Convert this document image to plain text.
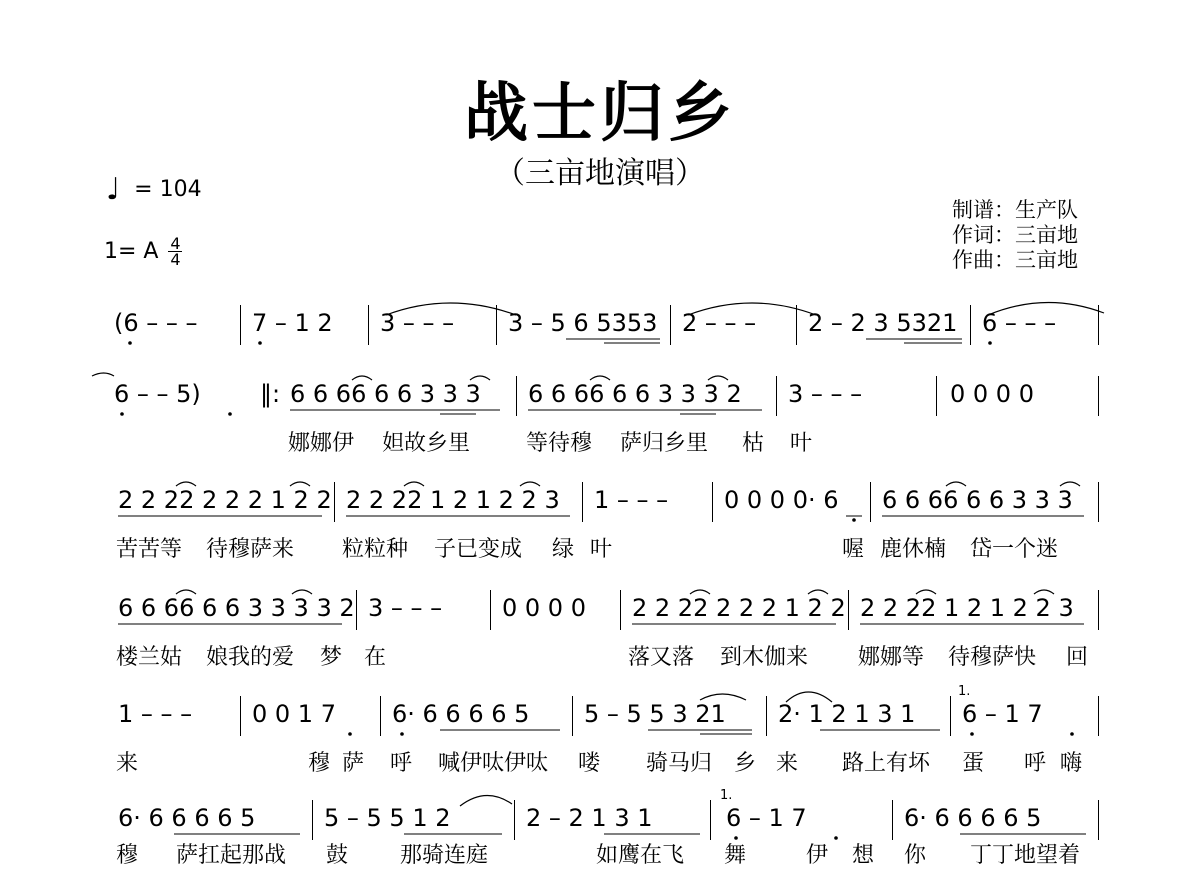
战士归乡
（三亩地演唱）
♩ = 104
1= A 4
4
制谱：生产队
作词：三亩地
作曲：三亩地
(6 – – – 7 – 1 2 3 – – – 3 – 5 6 5353 2 – – – 2 – 2 3 5321 6 – – –
6 – – 5) ‖: 6 6 66 6 6 3 3 3 6 6 66 6 6 3 3 3 2 3 – – –	0 0 0 0
娜娜伊 妲故乡里	等待穆 萨归乡里 枯 叶
2 2 22 2 2 2 1 2 2 2 2 22 1 2 1 2 2 3 1 – – – 0 0 0 0· 6 6 6 66 6 6 3 3 3
苦苦等 待穆萨来 粒粒种 子已变成 绿 叶	喔 鹿休楠 岱一个迷
6 6 66 6 6 3 3 3 3 2 3 – – – 0 0 0 0 2 2 22 2 2 2 1 2 2 2 2 22 1 2 1 2 2 3
楼兰姑 娘我的爱 梦 在	落又落 到木伽来 娜娜等 待穆萨快 回
1 – – – 0 0 1 7 6· 6 6 6 6 5 5 – 5 5 3 21 2· 1 2 1 3 1
1.
6 – 1 7
来	穆 萨 呼 喊伊呔伊呔 喽 骑马归 乡 来 路上有坏 蛋 呼 嗨
6· 6 6 6 6 5	5 – 5 5 1 2	2 – 2 1 3 1
1.
6 – 1 7	6· 6 6 6 6 5
穆 萨扛起那战 鼓 那骑连庭	如鹰在飞 舞	伊 想 你 丁丁地望着
